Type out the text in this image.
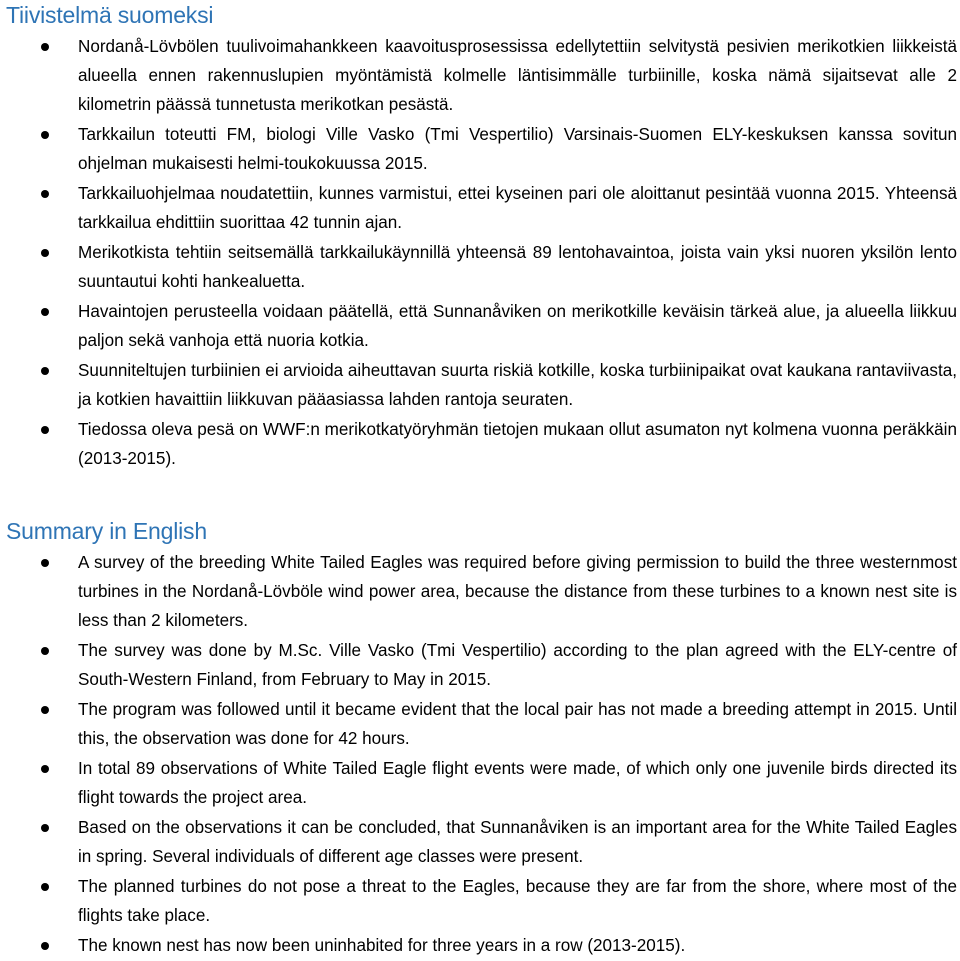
Tiivistelmä suomeksi
Nordanå-Lövbölen tuulivoimahankkeen kaavoitusprosessissa edellytettiin selvitystä pesivien merikotkien liikkeistä alueella ennen rakennuslupien myöntämistä kolmelle läntisimmälle turbiinille, koska nämä sijaitsevat alle 2 kilometrin päässä tunnetusta merikotkan pesästä.
Tarkkailun toteutti FM, biologi Ville Vasko (Tmi Vespertilio) Varsinais-Suomen ELY-keskuksen kanssa sovitun ohjelman mukaisesti helmi-toukokuussa 2015.
Tarkkailuohjelmaa noudatettiin, kunnes varmistui, ettei kyseinen pari ole aloittanut pesintää vuonna 2015. Yhteensä tarkkailua ehdittiin suorittaa 42 tunnin ajan.
Merikotkista tehtiin seitsemällä tarkkailukäynnillä yhteensä 89 lentohavaintoa, joista vain yksi nuoren yksilön lento suuntautui kohti hankealuetta.
Havaintojen perusteella voidaan päätellä, että Sunnanåviken on merikotkille keväisin tärkeä alue, ja alueella liikkuu paljon sekä vanhoja että nuoria kotkia.
Suunniteltujen turbiinien ei arvioida aiheuttavan suurta riskiä kotkille, koska turbiinipaikat ovat kaukana rantaviivasta, ja kotkien havaittiin liikkuvan pääasiassa lahden rantoja seuraten.
Tiedossa oleva pesä on WWF:n merikotkatyöryhmän tietojen mukaan ollut asumaton nyt kolmena vuonna peräkkäin (2013-2015).
Summary in English
A survey of the breeding White Tailed Eagles was required before giving permission to build the three westernmost turbines in the Nordanå-Lövböle wind power area, because the distance from these turbines to a known nest site is less than 2 kilometers.
The survey was done by M.Sc. Ville Vasko (Tmi Vespertilio) according to the plan agreed with the ELY-centre of South-Western Finland, from February to May in 2015.
The program was followed until it became evident that the local pair has not made a breeding attempt in 2015. Until this, the observation was done for 42 hours.
In total 89 observations of White Tailed Eagle flight events were made, of which only one juvenile birds directed its flight towards the project area.
Based on the observations it can be concluded, that Sunnanåviken is an important area for the White Tailed Eagles in spring. Several individuals of different age classes were present.
The planned turbines do not pose a threat to the Eagles, because they are far from the shore, where most of the flights take place.
The known nest has now been uninhabited for three years in a row (2013-2015).
